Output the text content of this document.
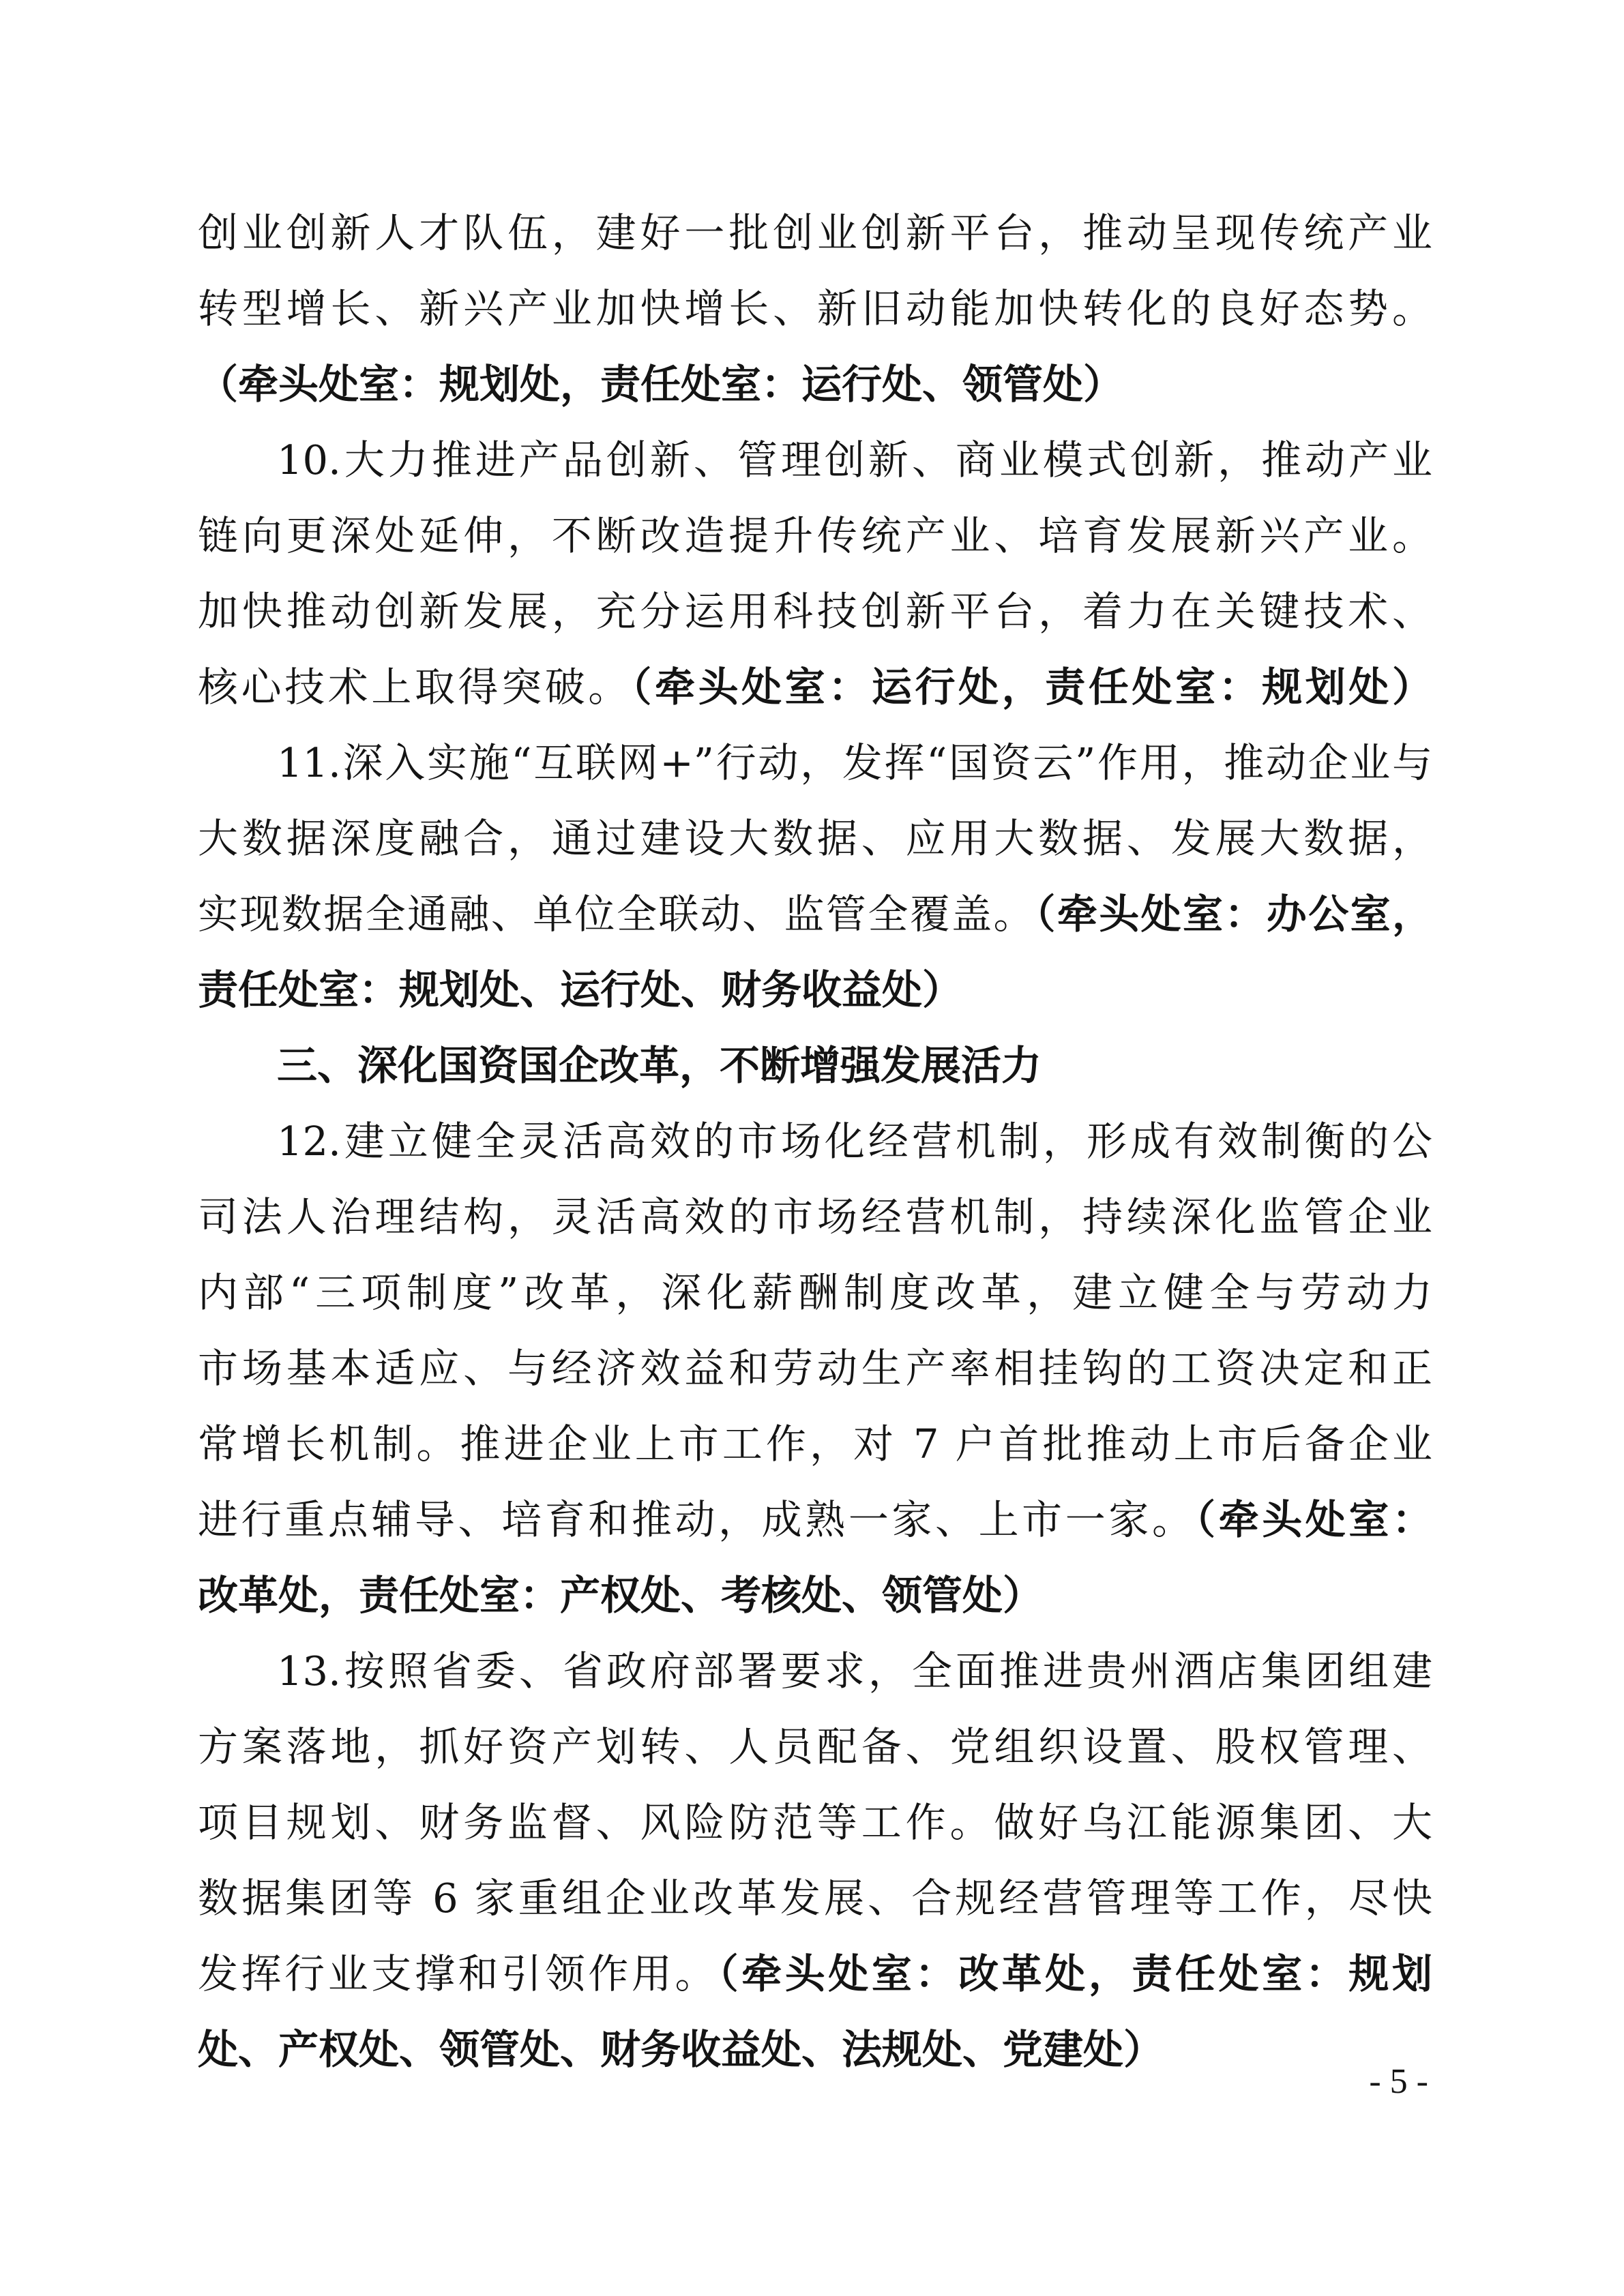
创业创新人才队伍，建好一批创业创新平台，推动呈现传统产业
转型增长、新兴产业加快增长、新旧动能加快转化的良好态势。
（牵头处室：规划处，责任处室：运行处、领管处）
10.大力推进产品创新、管理创新、商业模式创新，推动产业
链向更深处延伸，不断改造提升传统产业、培育发展新兴产业。
加快推动创新发展，充分运用科技创新平台，着力在关键技术、
核心技术上取得突破。（牵头处室：运行处，责任处室：规划处）
11.深入实施“互联网+”行动，发挥“国资云”作用，推动企业与
大数据深度融合，通过建设大数据、应用大数据、发展大数据，
实现数据全通融、单位全联动、监管全覆盖。（牵头处室：办公室，
责任处室：规划处、运行处、财务收益处）
三、深化国资国企改革，不断增强发展活力
12.建立健全灵活高效的市场化经营机制，形成有效制衡的公
司法人治理结构，灵活高效的市场经营机制，持续深化监管企业
内部“三项制度”改革，深化薪酬制度改革，建立健全与劳动力
市场基本适应、与经济效益和劳动生产率相挂钩的工资决定和正
常增长机制。推进企业上市工作，对 7 户首批推动上市后备企业
进行重点辅导、培育和推动，成熟一家、上市一家。（牵头处室：
改革处，责任处室：产权处、考核处、领管处）
13.按照省委、省政府部署要求，全面推进贵州酒店集团组建
方案落地，抓好资产划转、人员配备、党组织设置、股权管理、
项目规划、财务监督、风险防范等工作。做好乌江能源集团、大
数据集团等 6 家重组企业改革发展、合规经营管理等工作，尽快
发挥行业支撑和引领作用。（牵头处室：改革处，责任处室：规划
处、产权处、领管处、财务收益处、法规处、党建处）
- 5 -
